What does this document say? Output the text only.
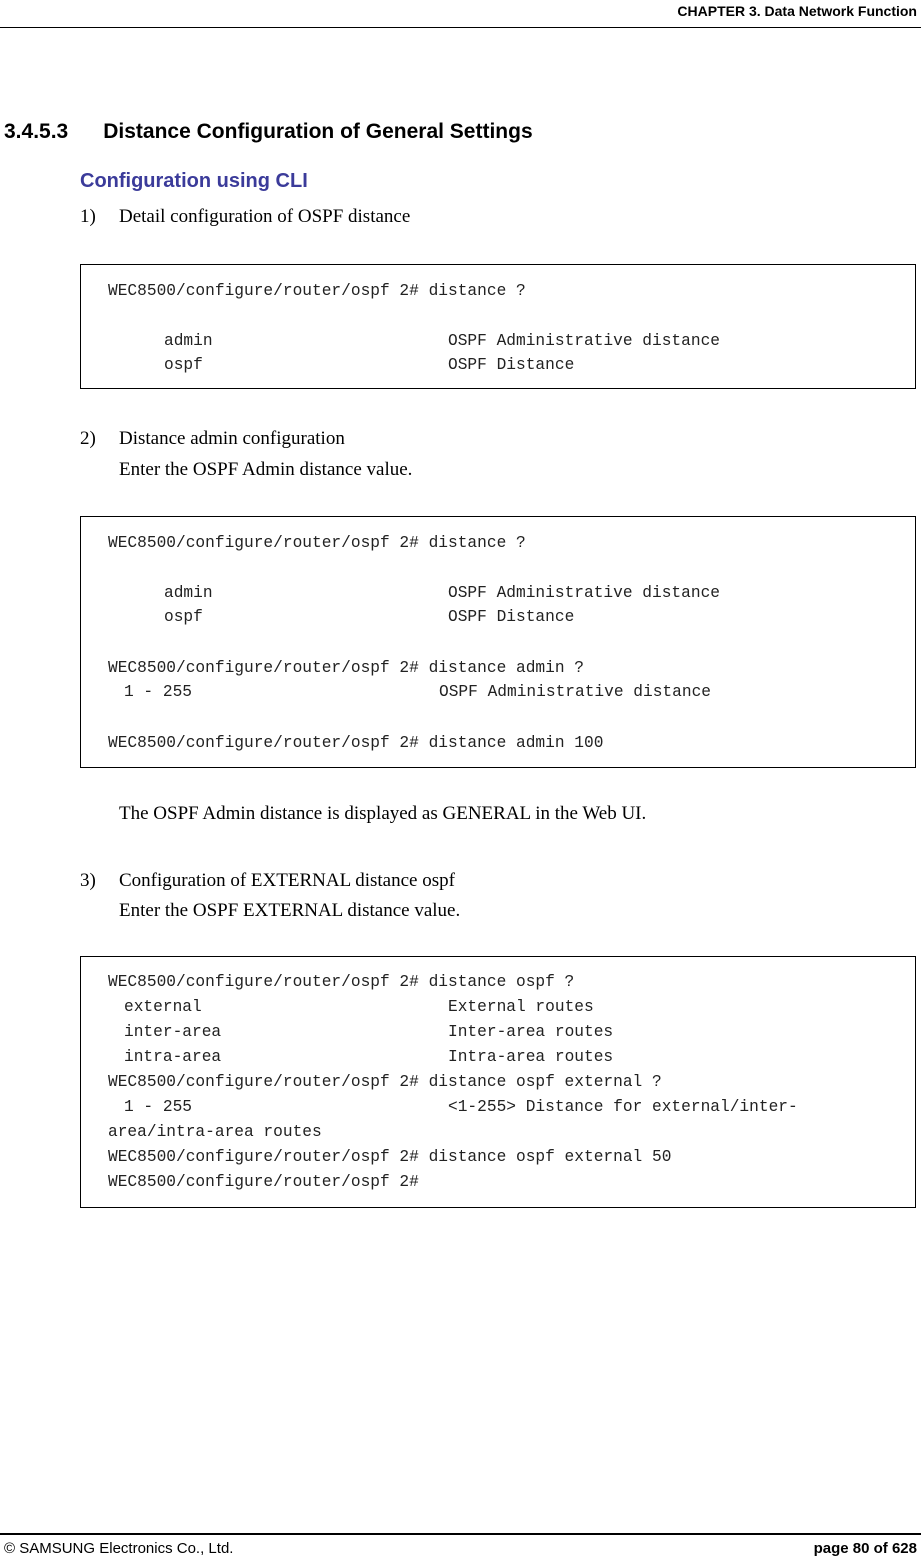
CHAPTER 3. Data Network Function
3.4.5.3 Distance Configuration of General Settings
Configuration using CLI
1) Detail configuration of OSPF distance
WEC8500/configure/router/ospf 2# distance ?
admin	OSPF Administrative distance
ospf	OSPF Distance
2) Distance admin configuration
Enter the OSPF Admin distance value.
WEC8500/configure/router/ospf 2# distance ?
admin	OSPF Administrative distance
ospf	OSPF Distance
WEC8500/configure/router/ospf 2# distance admin ?
1 - 255	OSPF Administrative distance
WEC8500/configure/router/ospf 2# distance admin 100
The OSPF Admin distance is displayed as GENERAL in the Web UI.
3) Configuration of EXTERNAL distance ospf
Enter the OSPF EXTERNAL distance value.
WEC8500/configure/router/ospf 2# distance ospf ?
external	External routes
inter-area	Inter-area routes
intra-area	Intra-area routes
WEC8500/configure/router/ospf 2# distance ospf external ?
1 - 255	<1-255> Distance for external/inter-
area/intra-area routes
WEC8500/configure/router/ospf 2# distance ospf external 50
WEC8500/configure/router/ospf 2#
© SAMSUNG Electronics Co., Ltd.	page 80 of 628
